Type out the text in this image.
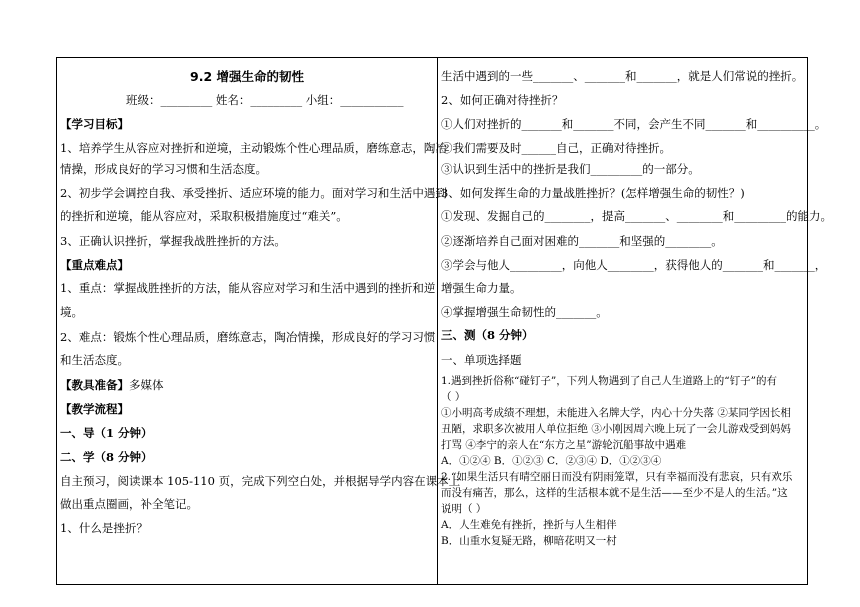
9.2 增强生命的韧性
班级：_________ 姓名：_________ 小组：___________
【学习目标】
1、培养学生从容应对挫折和逆境，主动锻炼个性心理品质，磨练意志，陶冶
情操，形成良好的学习习惯和生活态度。
2、初步学会调控自我、承受挫折、适应环境的能力。面对学习和生活中遇到
的挫折和逆境，能从容应对，采取积极措施度过“难关”。
3、正确认识挫折，掌握我战胜挫折的方法。
【重点难点】
1、重点：掌握战胜挫折的方法，能从容应对学习和生活中遇到的挫折和逆
境。
2、难点：锻炼个性心理品质，磨练意志，陶冶情操，形成良好的学习习惯
和生活态度。
【教具准备】多媒体
【教学流程】
一、导（1 分钟）
二、学（8 分钟）
自主预习，阅读课本 105-110 页，完成下列空白处，并根据导学内容在课本上
做出重点圈画，补全笔记。
1、什么是挫折？
生活中遇到的一些_______、_______和_______，就是人们常说的挫折。
2、如何正确对待挫折？
①人们对挫折的_______和_______不同，会产生不同_______和__________。
②我们需要及时______自己，正确对待挫折。
③认识到生活中的挫折是我们_________的一部分。
3、如何发挥生命的力量战胜挫折？(怎样增强生命的韧性？)
①发现、发掘自己的________，提高_______、________和_________的能力。
②逐渐培养自己面对困难的_______和坚强的________。
③学会与他人_________，向他人________，获得他人的_______和_______，
增强生命力量。
④掌握增强生命韧性的_______。
三、测（8 分钟）
一、单项选择题
1.遇到挫折俗称“碰钉子”，下列人物遇到了自己人生道路上的“钉子”的有
（ ）
①小明高考成绩不理想，未能进入名牌大学，内心十分失落 ②某同学因长相
丑陋，求职多次被用人单位拒绝 ③小刚因周六晚上玩了一会儿游戏受到妈妈
打骂 ④李宁的亲人在“东方之星”游轮沉船事故中遇难
A．①②④ B．①②③ C．②③④ D．①②③④
2.“如果生活只有晴空丽日而没有阴雨笼罩，只有幸福而没有悲哀，只有欢乐
而没有痛苦，那么，这样的生活根本就不是生活——至少不是人的生活。”这
说明（ ）
A．人生难免有挫折，挫折与人生相伴
B．山重水复疑无路，柳暗花明又一村
